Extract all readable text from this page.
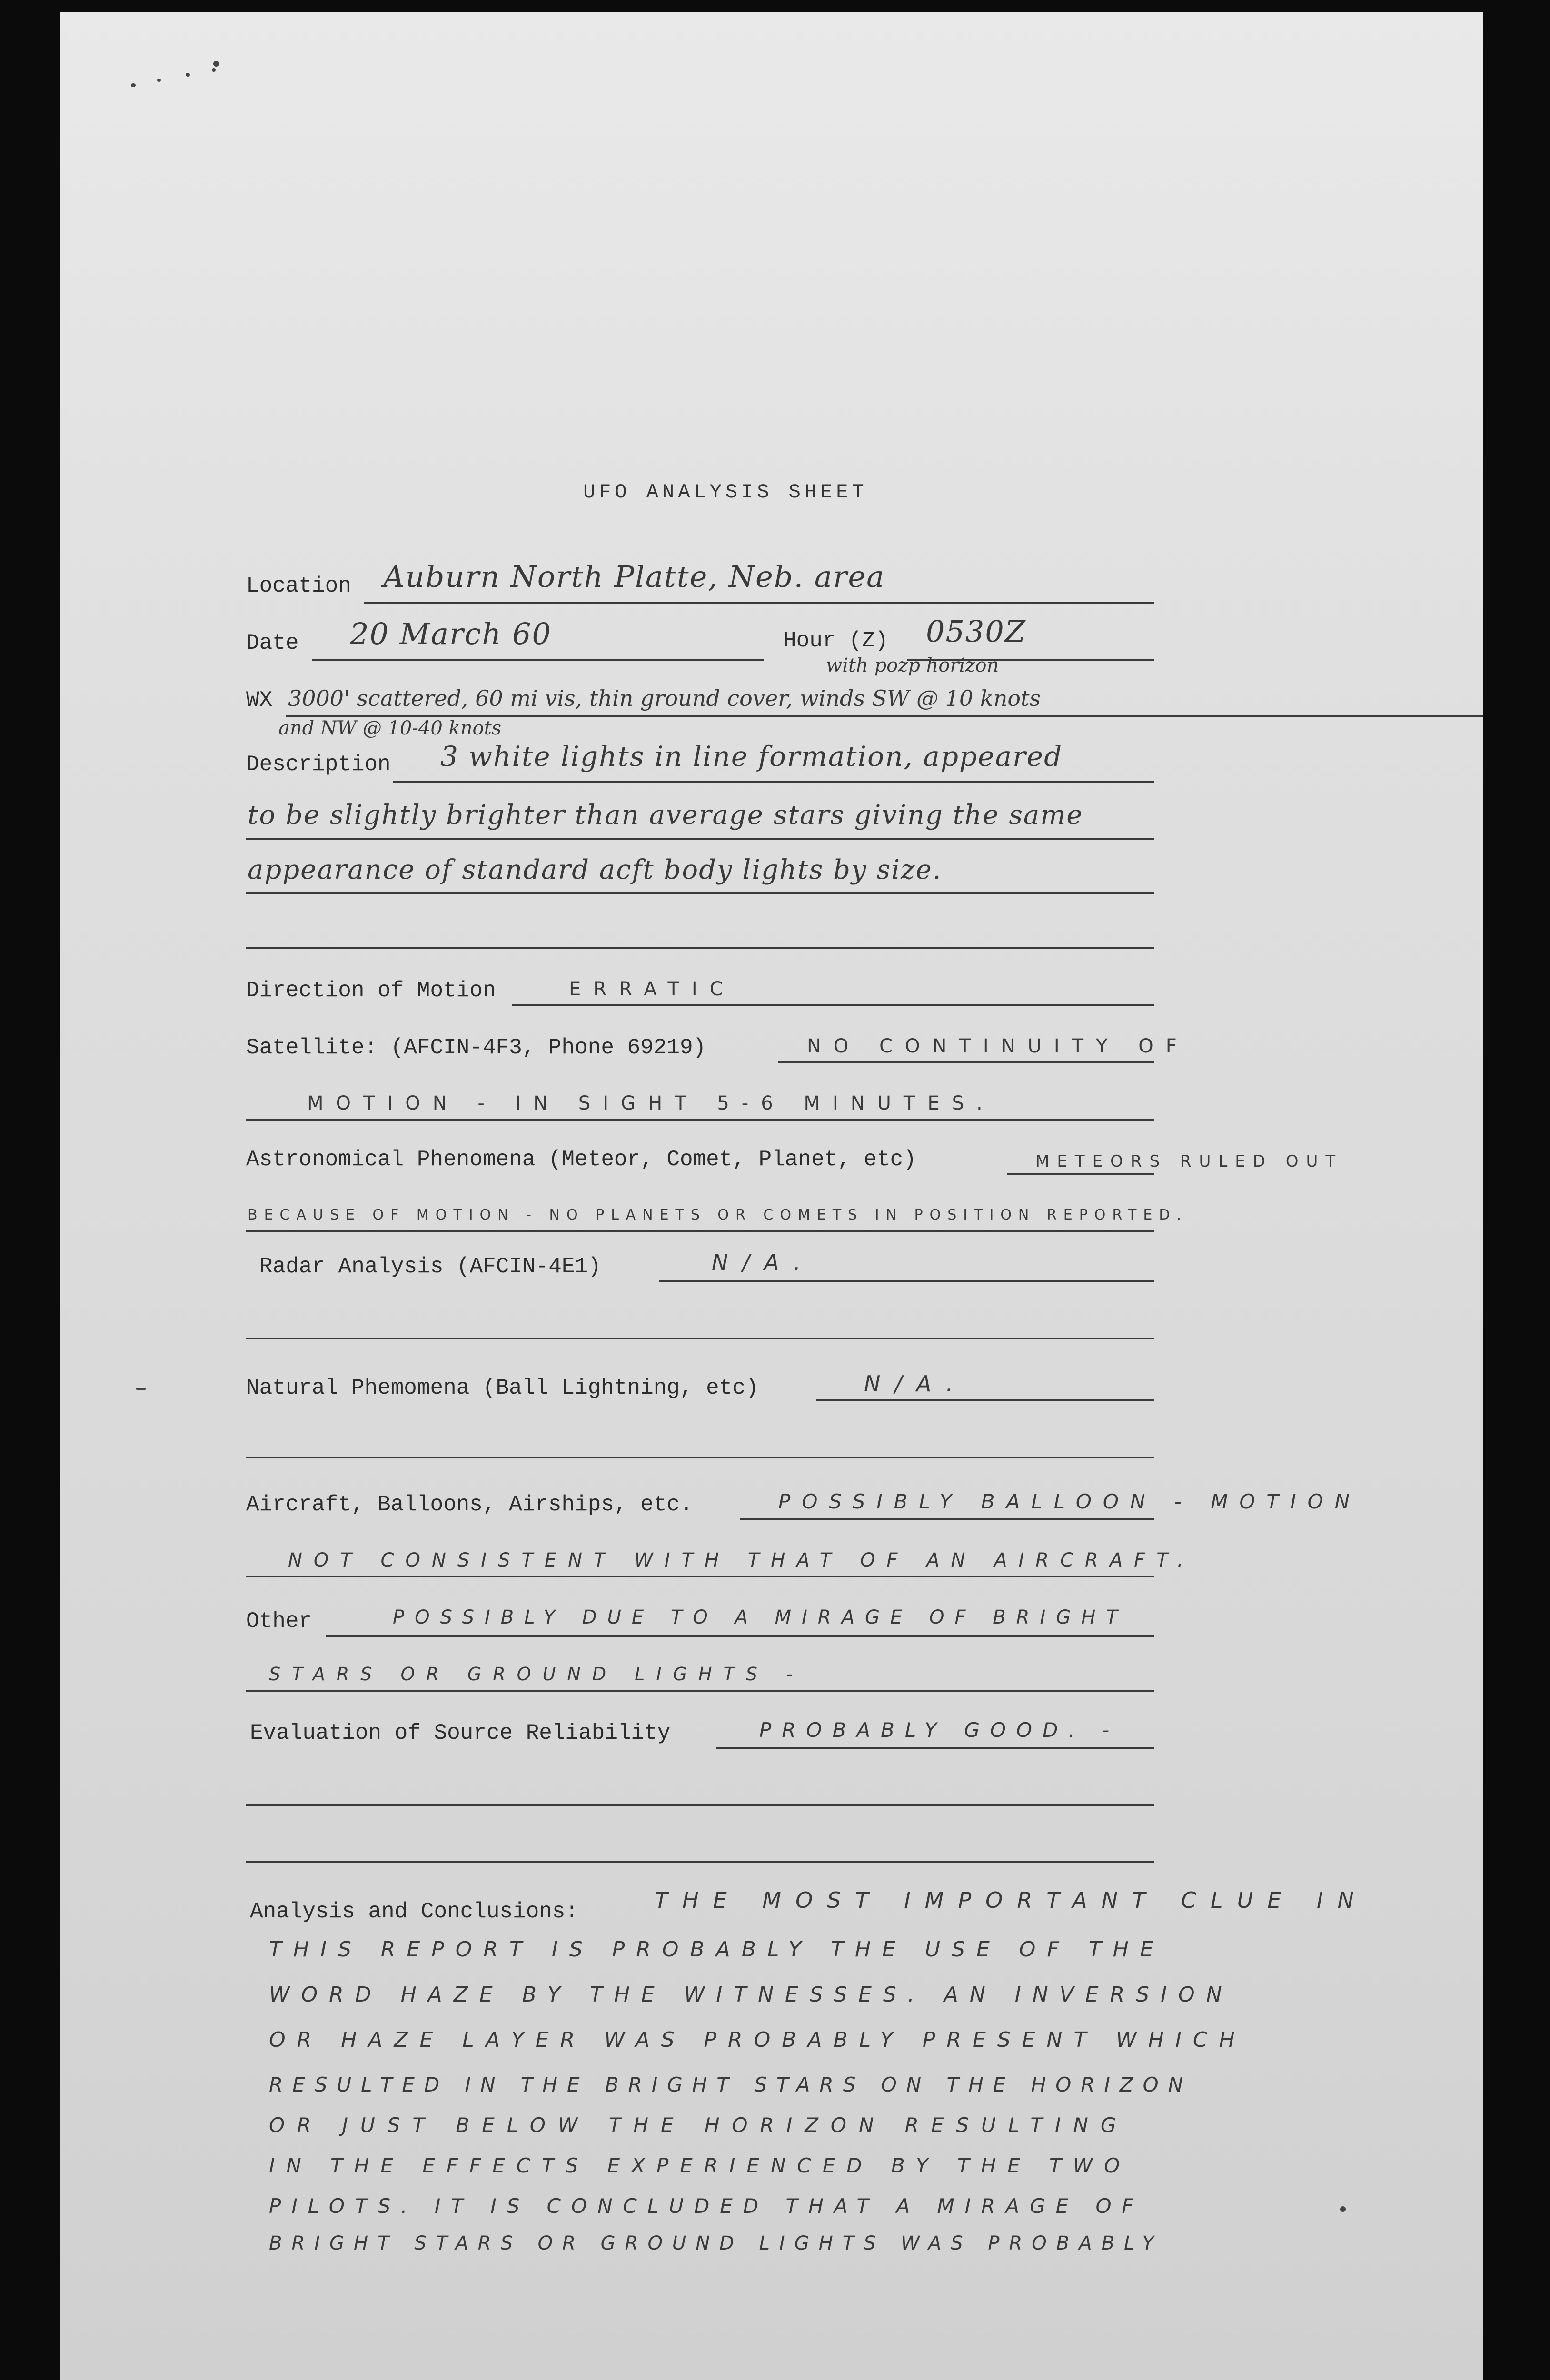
UFO ANALYSIS SHEET
Location Auburn North Platte, Neb. area
Date 20 March 60	Hour (Z) 0530Z
with pozp horizon
WX 3000' scattered, 60 mi vis, thin ground cover, winds SW @ 10 knots
and NW @ 10-40 knots
Description 3 white lights in line formation, appeared
to be slightly brighter than average stars giving the same
appearance of standard acft body lights by size.
Direction of Motion	ERRATIC
Satellite: (AFCIN-4F3, Phone 69219)	NO CONTINUITY OF
MOTION - IN SIGHT 5-6 MINUTES.
Astronomical Phenomena (Meteor, Comet, Planet, etc)	METEORS RULED OUT
BECAUSE OF MOTION - NO PLANETS OR COMETS IN POSITION REPORTED.
Radar Analysis (AFCIN-4E1)	N/A.
Natural Phemomena (Ball Lightning, etc)	N/A.
Aircraft, Balloons, Airships, etc.	POSSIBLY BALLOON - MOTION
NOT CONSISTENT WITH THAT OF AN AIRCRAFT.
Other	POSSIBLY DUE TO A MIRAGE OF BRIGHT
STARS OR GROUND LIGHTS -
Evaluation of Source Reliability	PROBABLY GOOD. -
Analysis and Conclusions:	THE MOST IMPORTANT CLUE IN
THIS REPORT IS PROBABLY THE USE OF THE
WORD HAZE BY THE WITNESSES. AN INVERSION
OR HAZE LAYER WAS PROBABLY PRESENT WHICH
RESULTED IN THE BRIGHT STARS ON THE HORIZON
OR JUST BELOW THE HORIZON RESULTING
IN THE EFFECTS EXPERIENCED BY THE TWO
PILOTS. IT IS CONCLUDED THAT A MIRAGE OF
BRIGHT STARS OR GROUND LIGHTS WAS PROBABLY
